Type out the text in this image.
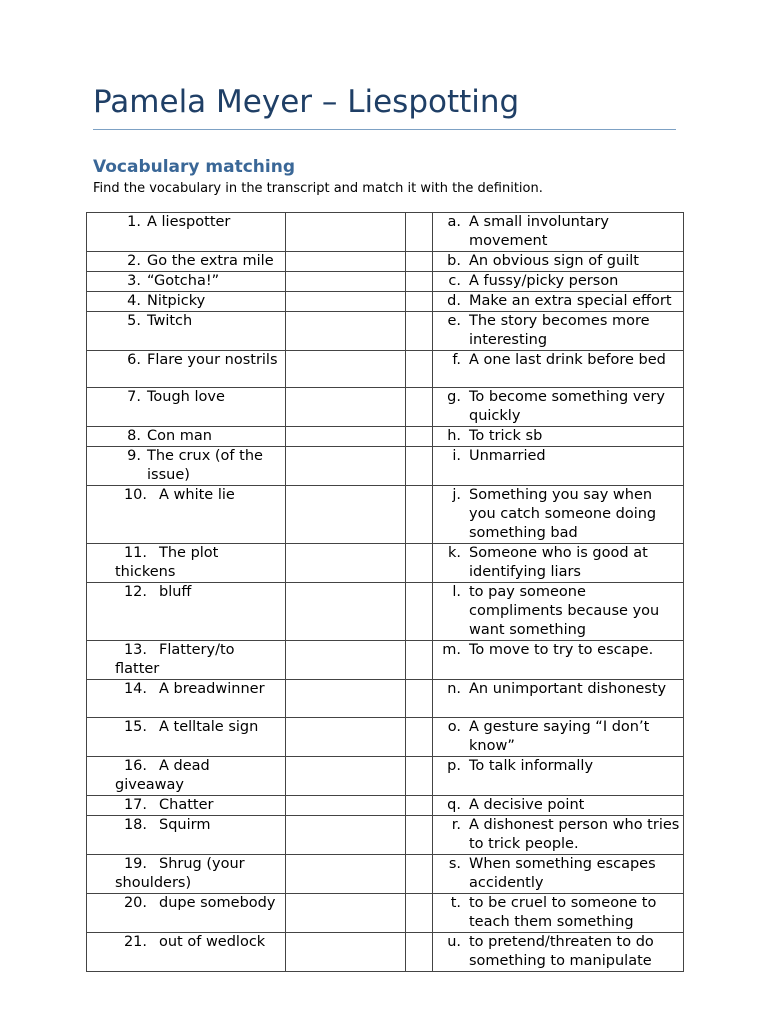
Pamela Meyer – Liespotting
Vocabulary matching
Find the vocabulary in the transcript and match it with the definition.
1. A liespotter			a. A small involuntary movement

2. Go the extra mile			b. An obvious sign of guilt

3. “Gotcha!”			c. A fussy/picky person

4. Nitpicky			d. Make an extra special effort

5. Twitch			e. The story becomes more interesting

6. Flare your nostrils			f. A one last drink before bed

7. Tough love			g. To become something very quickly

8. Con man			h. To trick sb

9. The crux (of the issue)			i. Unmarried

10. A white lie			j. Something you say when you catch someone doing something bad

11. The plot thickens			k. Someone who is good at identifying liars

12. bluff			l. to pay someone compliments because you want something

13. Flattery/to flatter			m. To move to try to escape.

14. A breadwinner			n. An unimportant dishonesty

15. A telltale sign			o. A gesture saying “I don’t know”

16. A dead giveaway			p. To talk informally

17. Chatter			q. A decisive point

18. Squirm			r. A dishonest person who tries to trick people.

19. Shrug (your shoulders)			s. When something escapes accidently

20. dupe somebody			t. to be cruel to someone to teach them something

21. out of wedlock			u. to pretend/threaten to do something to manipulate
